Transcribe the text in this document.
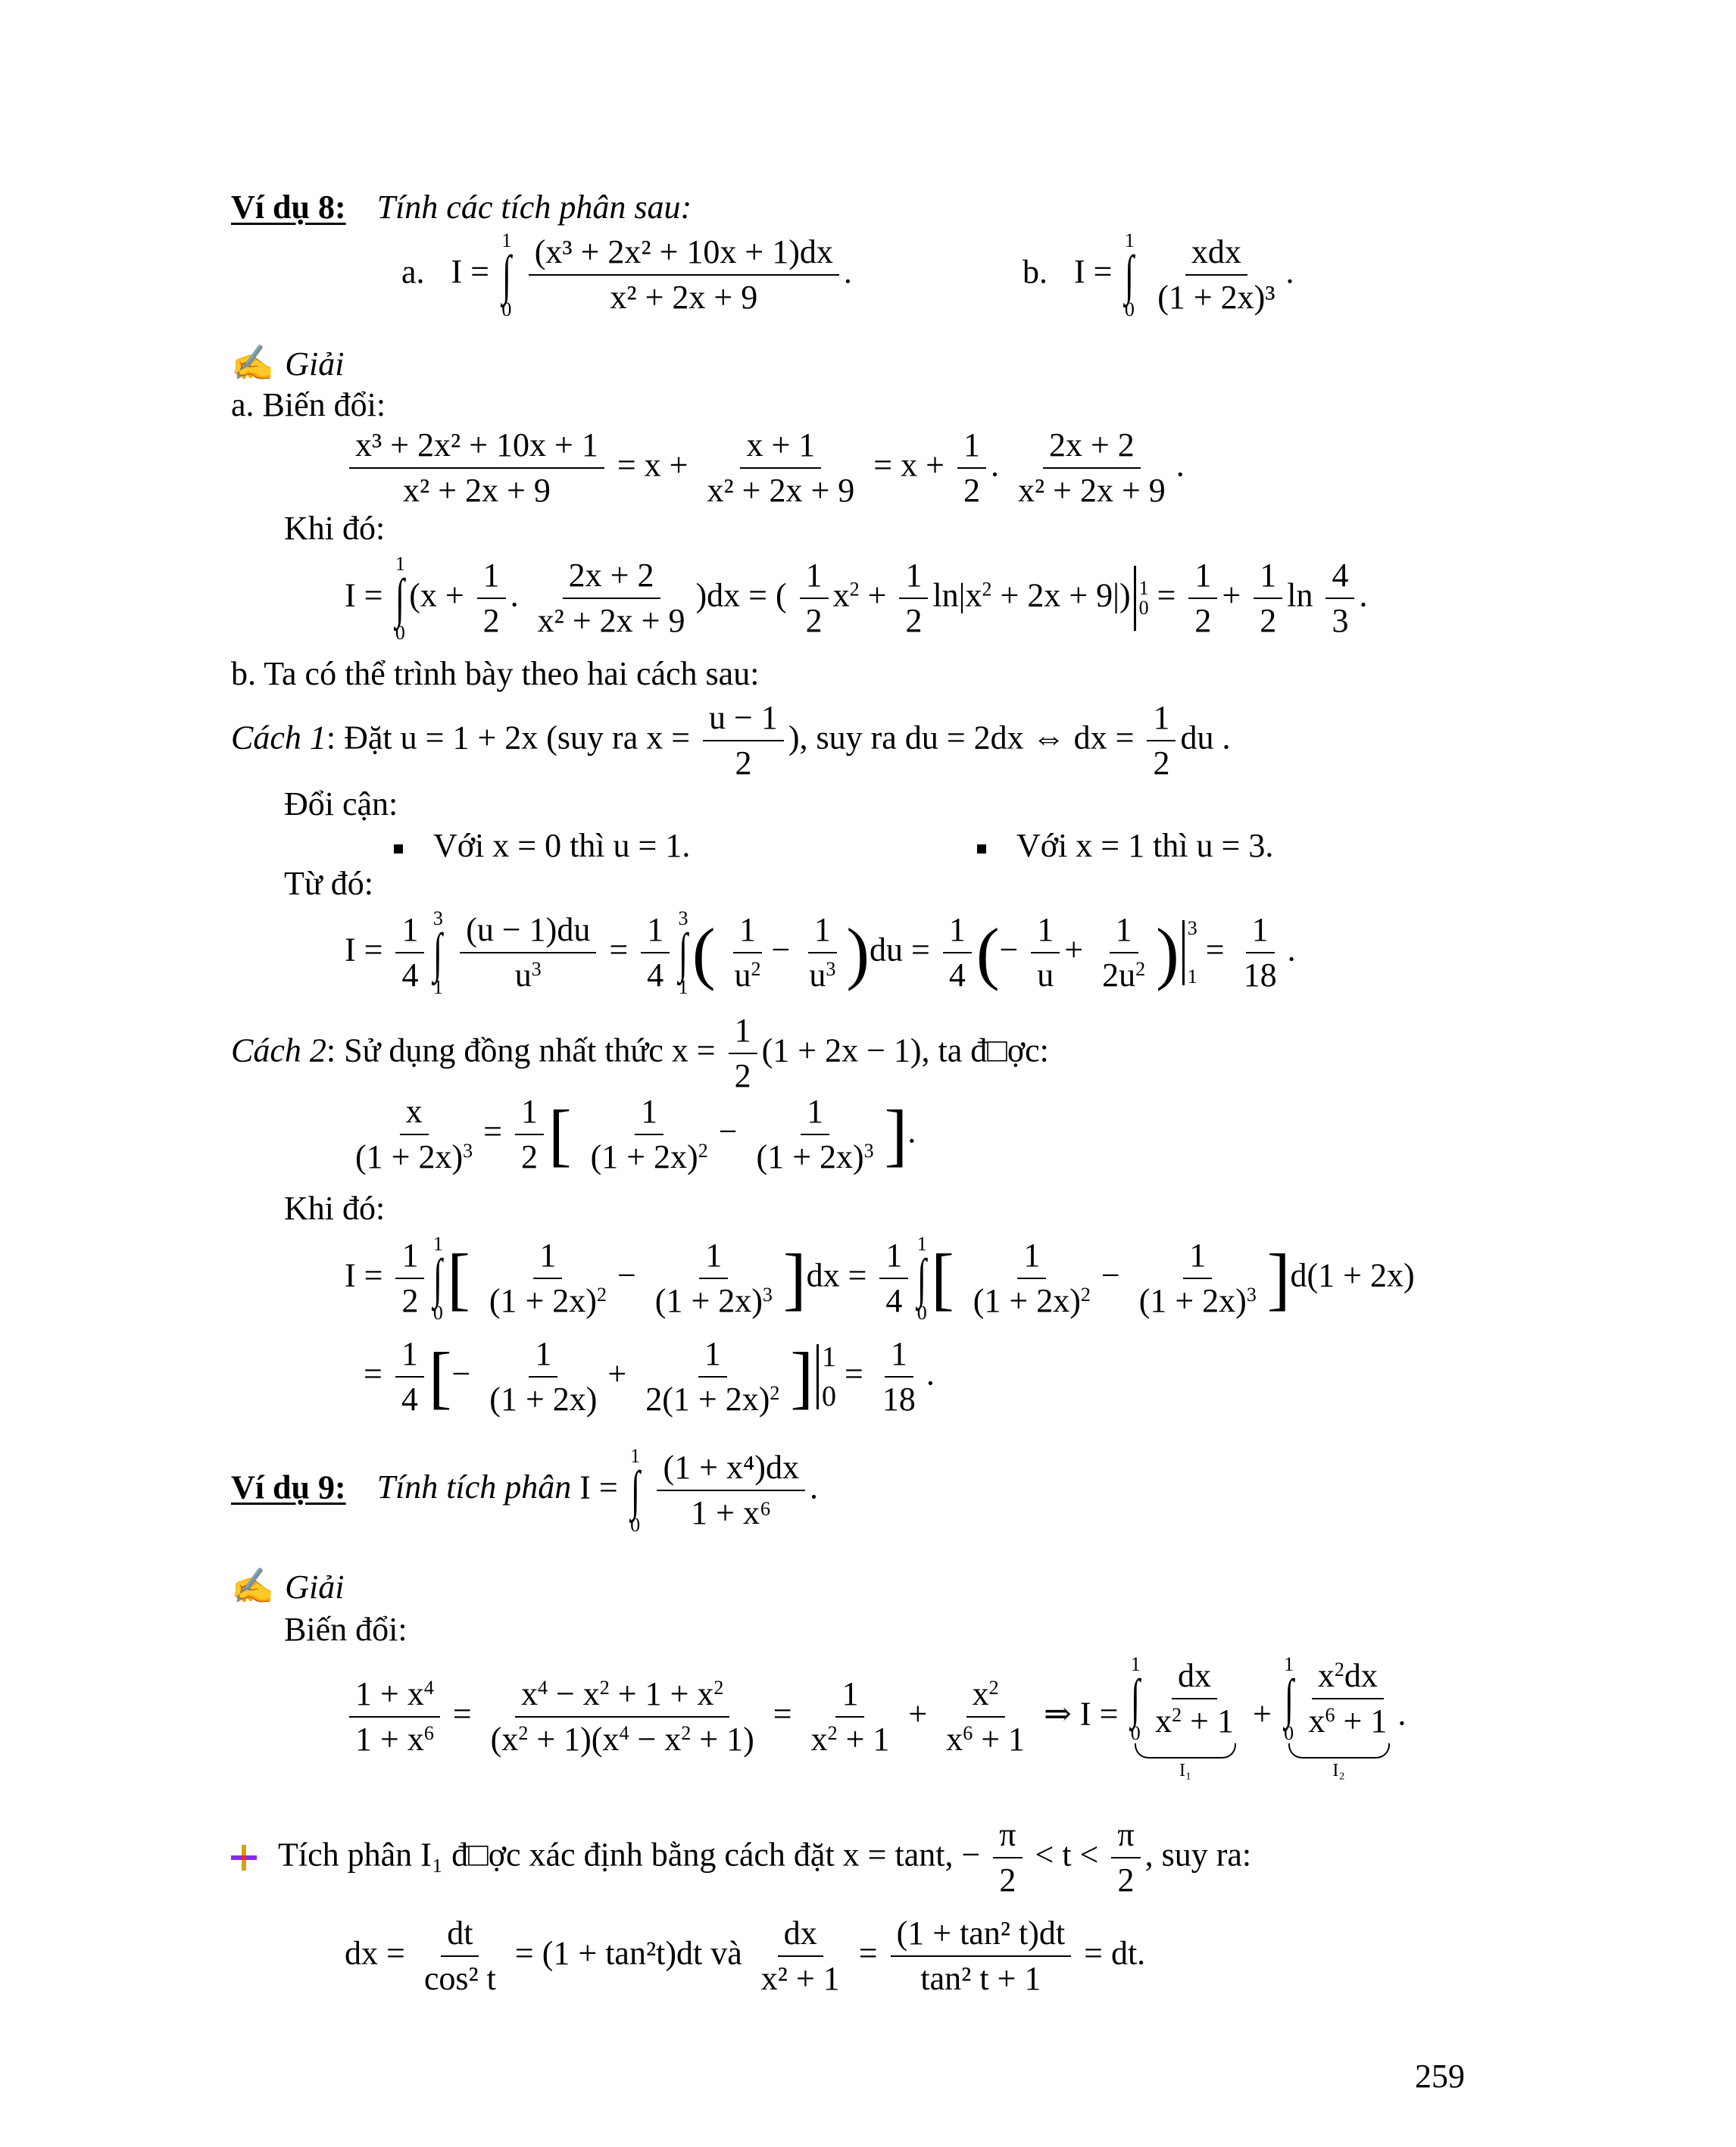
Ví dụ 8: Tính các tích phân sau:
a. I =
1
∫
0
$\frac{\text{(x³ + 2x² + 10x + 1)dx}}{\text{x² + 2x + 9}}$ .	b. I =
1
∫
0
$\frac{\text{xdx}}{\text{(1 + 2x)³}}$ .
✍ Giải
a. Biến đổi:
$\frac{\text{x³ + 2x² + 10x + 1}}{\text{x² + 2x + 9}} = x + \frac{x + 1}{\text{x² + 2x + 9}} = x + \frac{1}{2}$ . $\frac{2x + 2}{\text{x² + 2x + 9}}$ .
Khi đó:
I =
1
∫
0
($x + \frac{1}{2}$ . $\frac{2x + 2}{\text{x² + 2x + 9}} )dx$ = ( $\frac{1}{2} x^2 + \frac{1}{2} \ln|x^2 + 2x + 9|$) 1
$0 = \frac{1}{2} + \frac{1}{2}$ $\ln \frac{4}{3}$ .
b. Ta có thể trình bày theo hai cách sau:
Cách 1: Đặt u = 1 + 2x (suy ra $x = \frac{u - 1}{2}$ ), suy ra du = 2dx ⇔ dx = $\frac{1}{2}$ du .
Đổi cận:
Với x = 0 thì u = 1.	Với x = 1 thì u = 3.
Từ đó:
$I = \frac{1}{4} 3$
∫
1
$\frac{(u - 1)du}{u^3} = \frac{1}{4} 3$
∫
1 ( $\frac{1}{u^2} - \frac{1}{u^3} )du = \frac{1}{4}$ (− $\frac{1}{u} + \frac{1}{2u^2}$ ) 3
1
= $\frac{1}{18}$ .
Cách 2: Sử dụng đồng nhất thức $x = \frac{1}{2} (1 + 2x - 1)$, ta đ□ợc:
$\frac{x}{(1 + 2x)^3} = \frac{1}{2}$ [ $\frac{1}{(1 + 2x)^2} - \frac{1}{(1 + 2x)^3}$ ].
Khi đó:
$I = \frac{1}{2} 1$
∫
0 [ $\frac{1}{(1 + 2x)^2} - \frac{1}{(1 + 2x)^3} ]dx = \frac{1}{4} 1$
∫
0 [ $\frac{1}{(1 + 2x)^2} - \frac{1}{(1 + 2x)^3} ]d(1 + 2x)$
= $\frac{1}{4}$ [− $\frac{1}{(1 + 2x)} + \frac{1}{2(1 + 2x)^2}$ ] 1
0
= $\frac{1}{18}$ .
Ví dụ 9: Tính tích phân I =
1
∫
0
$\frac{\text{(1 + x⁴)dx}}{\text{1 + x⁶}}$ .
✍ Giải
Biến đổi:
$\frac{1 + x^4}{1 + x^6} = \frac{x^4 - x^2 + 1 + x^2}{(x^2 + 1)(x^4 - x^2 + 1)} = \frac{1}{x^2 + 1} + \frac{x^2}{x^6 + 1}$ ⇒ I =
1
∫
$0 \frac{dx}{x^2 + 1}$
I₁
+
1
∫
$0 \frac{x^2dx}{x^6 + 1}$
I₂
.
Tích phân I₁ đ□ợc xác định bằng cách đặt x = tant, − $\frac{\pi}{2} < t < \frac{\pi}{2}$ , suy ra:
dx = $\frac{dt}{\text{cos² t}} = (1 + \tan^2t)dt$ và $\frac{dx}{\text{x² + 1}} = \frac{\text{(1 + tan² t)dt}}{\text{tan² t + 1}}$ = dt.
259
